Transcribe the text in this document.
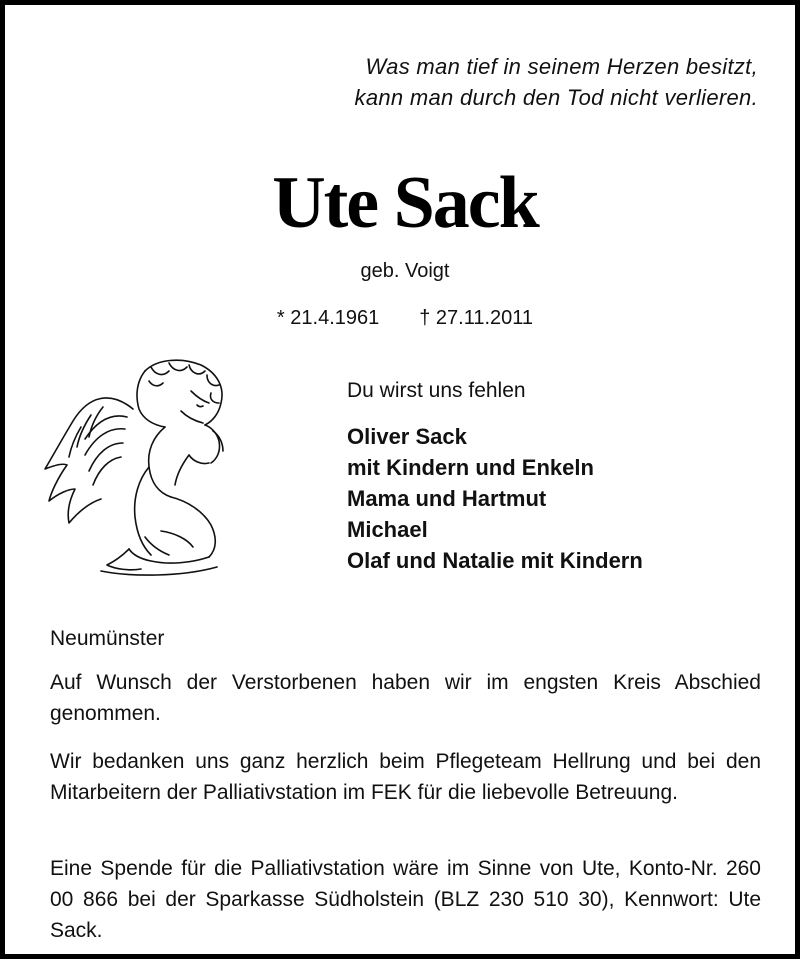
Was man tief in seinem Herzen besitzt,
kann man durch den Tod nicht verlieren.
Ute Sack
geb. Voigt
* 21.4.1961 † 27.11.2011
Du wirst uns fehlen
Oliver Sack
mit Kindern und Enkeln
Mama und Hartmut
Michael
Olaf und Natalie mit Kindern
Neumünster
Auf Wunsch der Verstorbenen haben wir im engsten Kreis Abschied genommen.
Wir bedanken uns ganz herzlich beim Pflegeteam Hellrung und bei den Mitarbeitern der Palliativstation im FEK für die liebevolle Betreuung.
Eine Spende für die Palliativstation wäre im Sinne von Ute, Konto-Nr. 260 00 866 bei der Sparkasse Südholstein (BLZ 230 510 30), Kennwort: Ute Sack.
